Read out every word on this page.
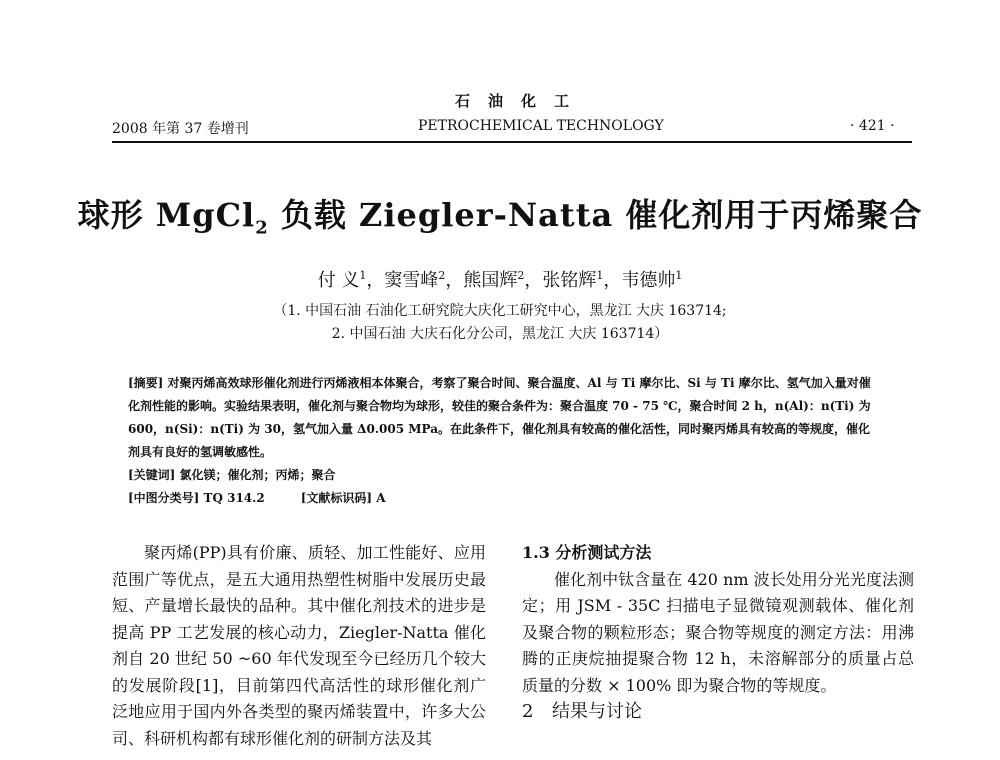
石油化工
2008 年第 37 卷增刊	PETROCHEMICAL TECHNOLOGY	· 421 ·
球形 MgCl$_2$ 负载 Ziegler-Natta 催化剂用于丙烯聚合
付 义$^1$，窦雪峰$^2$，熊国辉$^2$，张铭辉$^1$，韦德帅$^1$
（1. 中国石油 石油化工研究院大庆化工研究中心，黑龙江 大庆 163714;
2. 中国石油 大庆石化分公司，黑龙江 大庆 163714）
[摘要] 对聚丙烯高效球形催化剂进行丙烯液相本体聚合，考察了聚合时间、聚合温度、Al 与 Ti 摩尔比、Si 与 Ti 摩尔比、氢气加入量对催化剂性能的影响。实验结果表明，催化剂与聚合物均为球形，较佳的聚合条件为：聚合温度 70 - 75 ℃，聚合时间 2 h，n(Al)：n(Ti) 为 600，n(Si)：n(Ti) 为 30，氢气加入量 Δ0.005 MPa。在此条件下，催化剂具有较高的催化活性，同时聚丙烯具有较高的等规度，催化剂具有良好的氢调敏感性。
[关键词] 氯化镁；催化剂；丙烯；聚合
[中图分类号] TQ 314.2	[文献标识码] A

聚丙烯(PP)具有价廉、质轻、加工性能好、应用范围广等优点，是五大通用热塑性树脂中发展历史最短、产量增长最快的品种。其中催化剂技术的进步是提高 PP 工艺发展的核心动力，Ziegler-Natta 催化剂自 20 世纪 50 ~60 年代发现至今已经历几个较大的发展阶段[1]，目前第四代高活性的球形催化剂广泛地应用于国内外各类型的聚丙烯装置中，许多大公司、科研机构都有球形催化剂的研制方法及其

1.3 分析测试方法

催化剂中钛含量在 420 nm 波长处用分光光度法测定；用 JSM - 35C 扫描电子显微镜观测载体、催化剂及聚合物的颗粒形态；聚合物等规度的测定方法：用沸腾的正庚烷抽提聚合物 12 h，未溶解部分的质量占总质量的分数 × 100% 即为聚合物的等规度。

2 结果与讨论
